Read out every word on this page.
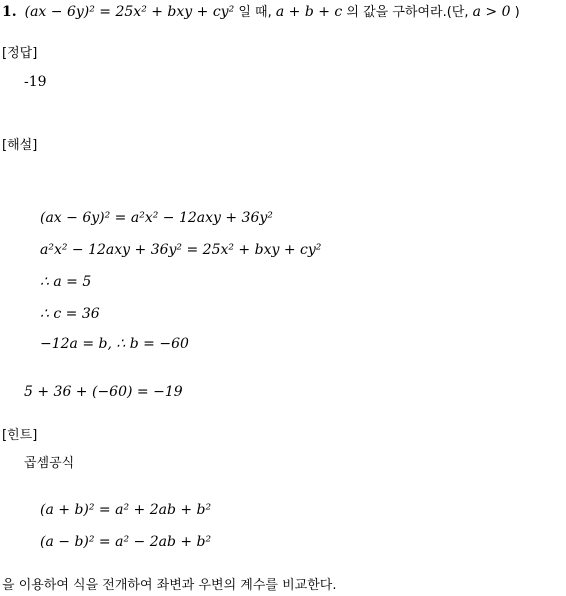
1. (ax − 6y)² = 25x² + bxy + cy² 일 때, a + b + c 의 값을 구하여라.(단, a > 0 )
[정답]
-19
[해설]
(ax − 6y)² = a²x² − 12axy + 36y²
a²x² − 12axy + 36y² = 25x² + bxy + cy²
∴ a = 5
∴ c = 36
−12a = b, ∴ b = −60
5 + 36 + (−60) = −19
[힌트]
곱셈공식
(a + b)² = a² + 2ab + b²
(a − b)² = a² − 2ab + b²
을 이용하여 식을 전개하여 좌변과 우변의 계수를 비교한다.
